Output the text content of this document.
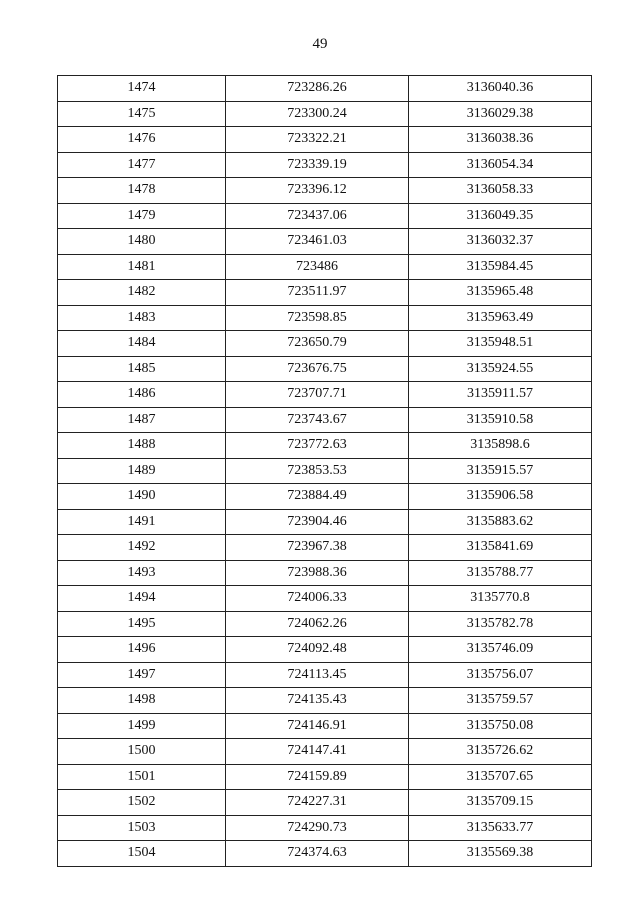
49
1474	723286.26	3136040.36
1475	723300.24	3136029.38
1476	723322.21	3136038.36
1477	723339.19	3136054.34
1478	723396.12	3136058.33
1479	723437.06	3136049.35
1480	723461.03	3136032.37
1481	723486	3135984.45
1482	723511.97	3135965.48
1483	723598.85	3135963.49
1484	723650.79	3135948.51
1485	723676.75	3135924.55
1486	723707.71	3135911.57
1487	723743.67	3135910.58
1488	723772.63	3135898.6
1489	723853.53	3135915.57
1490	723884.49	3135906.58
1491	723904.46	3135883.62
1492	723967.38	3135841.69
1493	723988.36	3135788.77
1494	724006.33	3135770.8
1495	724062.26	3135782.78
1496	724092.48	3135746.09
1497	724113.45	3135756.07
1498	724135.43	3135759.57
1499	724146.91	3135750.08
1500	724147.41	3135726.62
1501	724159.89	3135707.65
1502	724227.31	3135709.15
1503	724290.73	3135633.77
1504	724374.63	3135569.38
